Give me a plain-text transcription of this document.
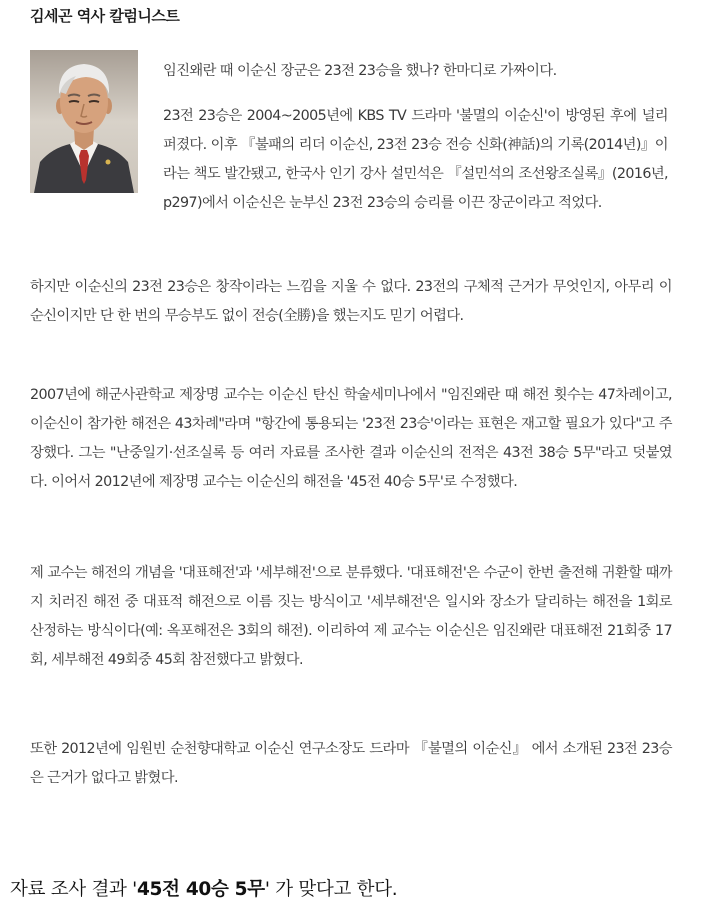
김세곤 역사 칼럼니스트

임진왜란 때 이순신 장군은 23전 23승을 했나? 한마디로 가짜이다.

23전 23승은 2004~2005년에 KBS TV 드라마 '불멸의 이순신'이 방영된 후에 널리 퍼졌다. 이후 『불패의 리더 이순신, 23전 23승 전승 신화(神話)의 기록(2014년)』이라는 책도 발간됐고, 한국사 인기 강사 설민석은 『설민석의 조선왕조실록』(2016년, p297)에서 이순신은 눈부신 23전 23승의 승리를 이끈 장군이라고 적었다.

하지만 이순신의 23전 23승은 창작이라는 느낌을 지울 수 없다. 23전의 구체적 근거가 무엇인지, 아무리 이순신이지만 단 한 번의 무승부도 없이 전승(全勝)을 했는지도 믿기 어렵다.

2007년에 해군사관학교 제장명 교수는 이순신 탄신 학술세미나에서 "임진왜란 때 해전 횟수는 47차례이고, 이순신이 참가한 해전은 43차례"라며 "항간에 통용되는 '23전 23승'이라는 표현은 재고할 필요가 있다"고 주장했다. 그는 "난중일기·선조실록 등 여러 자료를 조사한 결과 이순신의 전적은 43전 38승 5무"라고 덧붙였다. 이어서 2012년에 제장명 교수는 이순신의 해전을 '45전 40승 5무'로 수정했다.

제 교수는 해전의 개념을 '대표해전'과 '세부해전'으로 분류했다. '대표해전'은 수군이 한번 출전해 귀환할 때까지 치러진 해전 중 대표적 해전으로 이름 짓는 방식이고 '세부해전'은 일시와 장소가 달리하는 해전을 1회로 산정하는 방식이다(예: 옥포해전은 3회의 해전). 이리하여 제 교수는 이순신은 임진왜란 대표해전 21회중 17회, 세부해전 49회중 45회 참전했다고 밝혔다.

또한 2012년에 임원빈 순천향대학교 이순신 연구소장도 드라마 『불멸의 이순신』 에서 소개된 23전 23승은 근거가 없다고 밝혔다.

자료 조사 결과 '45전 40승 5무' 가 맞다고 한다.
